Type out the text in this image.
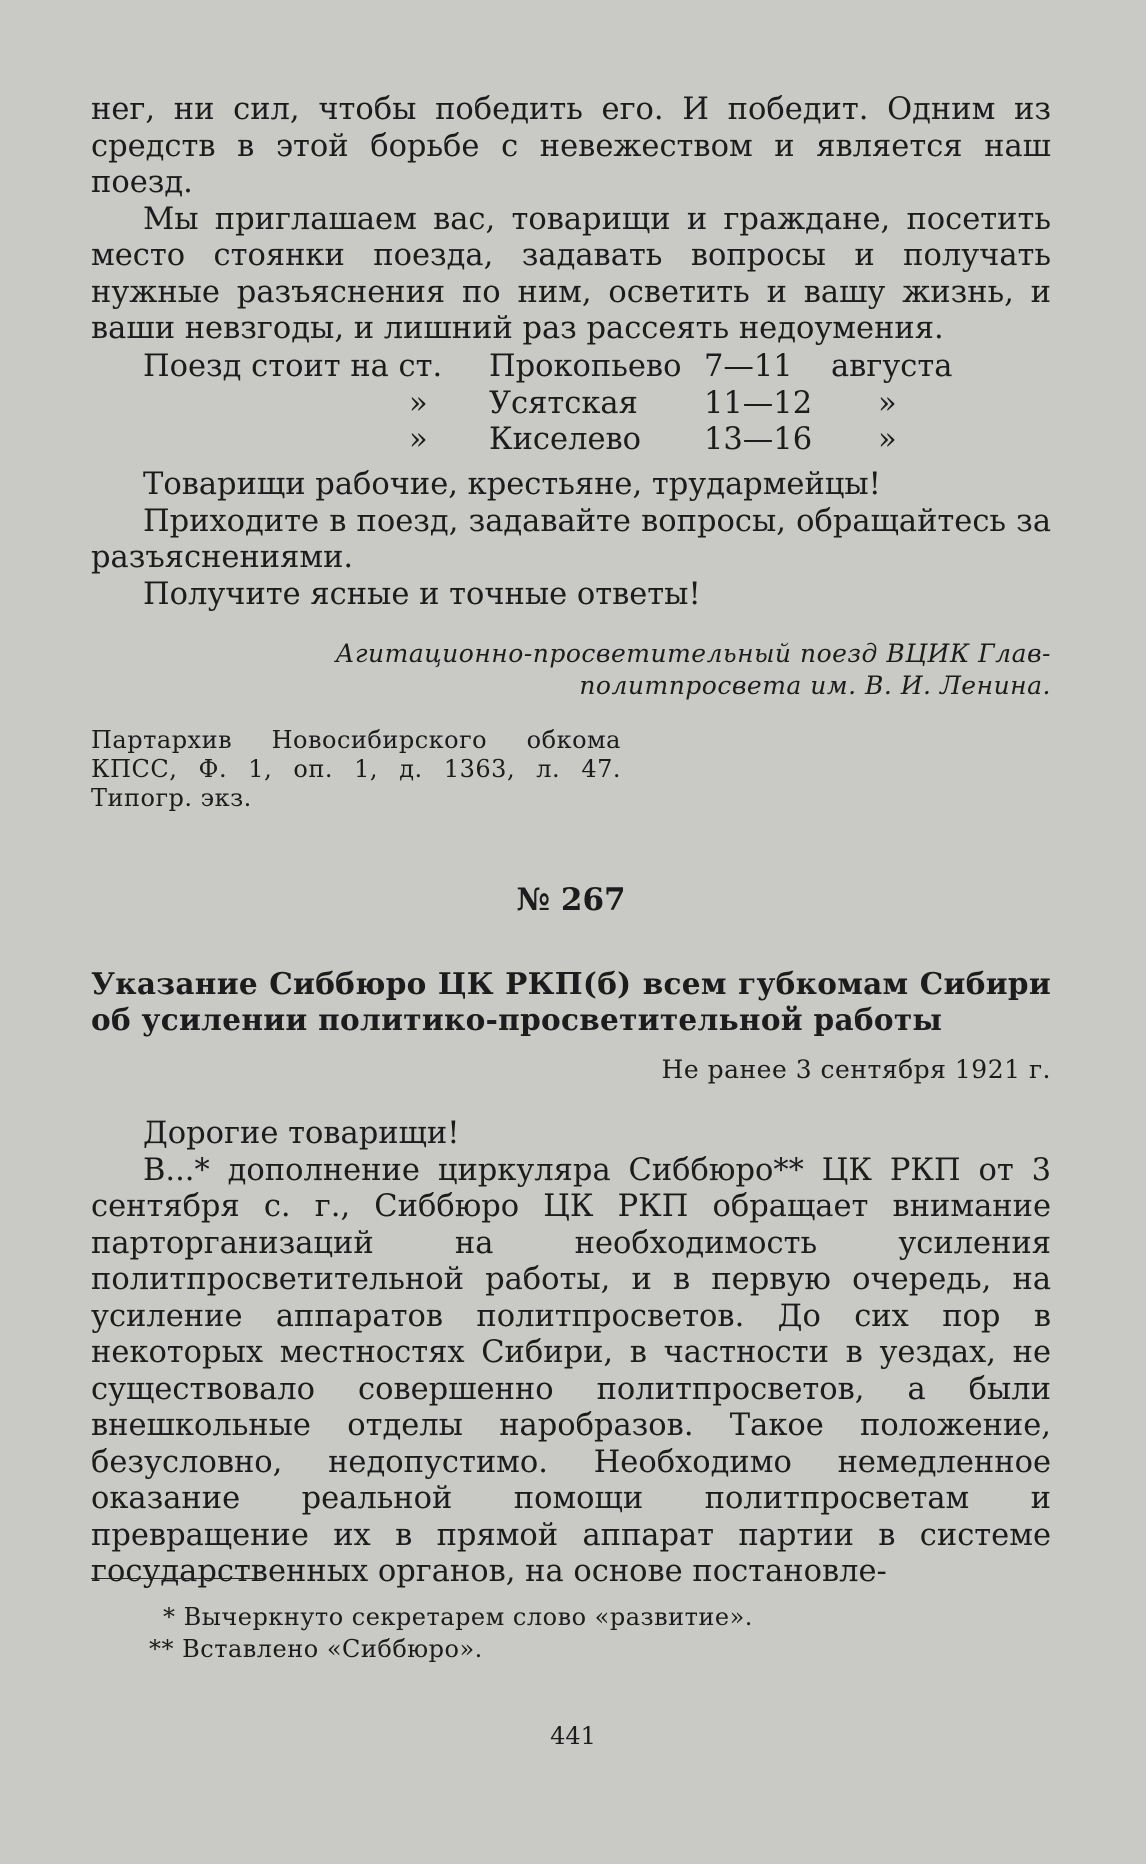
нег, ни сил, чтобы победить его. И победит. Одним из средств в этой борьбе с невежеством и является наш поезд.

Мы приглашаем вас, товарищи и граждане, посетить место стоянки поезда, задавать вопросы и получать нужные разъяснения по ним, осветить и вашу жизнь, и ваши невзгоды, и лишний раз рассеять недоумения.

Поезд стоит на ст. Прокопьево 7—11 августа
» Усятская 11—12 »
» Киселево 13—16 »

Товарищи рабочие, крестьяне, трудармейцы!

Приходите в поезд, задавайте вопросы, обращайтесь за разъяснениями.

Получите ясные и точные ответы!

Агитационно-просветительный поезд ВЦИК Глав-
политпросвета им. В. И. Ленина.

Партархив Новосибирского обкома КПСС, Ф. 1, оп. 1, д. 1363, л. 47. Типогр. экз.

№ 267

Указание Сиббюро ЦК РКП(б) всем губкомам Сибири об усилении политико-просветительной работы

Не ранее 3 сентября 1921 г.

Дорогие товарищи!

В...* дополнение циркуляра Сиббюро** ЦК РКП от 3 сентября с. г., Сиббюро ЦК РКП обращает внимание парторганизаций на необходимость усиления политпросветительной работы, и в первую очередь, на усиление аппаратов политпросветов. До сих пор в некоторых местностях Сибири, в частности в уездах, не существовало совершенно политпросветов, а были внешкольные отделы наробразов. Такое положение, безусловно, недопустимо. Необходимо немедленное оказание реальной помощи политпросветам и превращение их в прямой аппарат партии в системе государственных органов, на основе постановле-

* Вычеркнуто секретарем слово «развитие».
** Вставлено «Сиббюро».
441
